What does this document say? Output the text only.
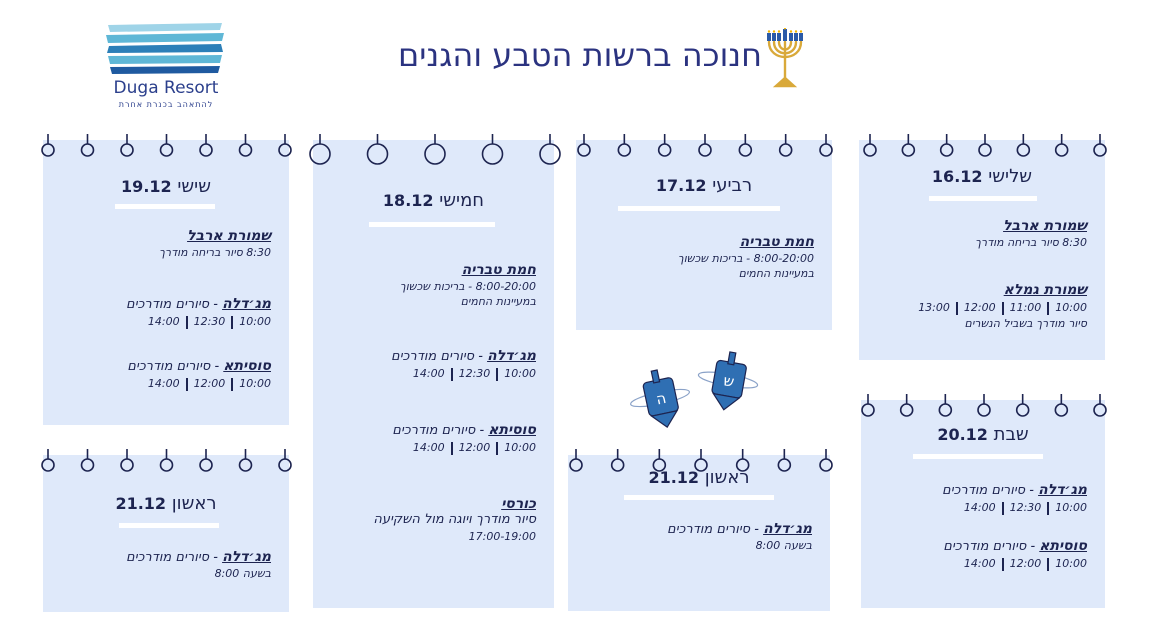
חנוכה ברשות הטבע והגנים
Duga Resort
להתאהב בכנרת אחרת
שלישי 16.12
שמורת ארבל
8:30 סיור בריחה מודרך
שמורת גמלא
13:00 12:00 11:00 10:00
סיור מודרך בשביל הנשרים
רביעי 17.12
חמת טבריה
8:00-20:00 - בריכות שכשוך
במעיינות החמים
חמישי 18.12
חמת טבריה
8:00-20:00 - בריכות שכשוך
במעיינות החמים
מג׳דלה - סיורים מודרכים
14:00 12:30 10:00
סוסיתא - סיורים מודרכים
14:00 12:00 10:00
כורסי
סיור מודרך ויוגה מול השקיעה
17:00-19:00
שישי 19.12
שמורת ארבל
8:30 סיור בריחה מודרך
מג׳דלה - סיורים מודרכים
14:00 12:30 10:00
סוסיתא - סיורים מודרכים
14:00 12:00 10:00
שבת 20.12
מג׳דלה - סיורים מודרכים
14:00 12:30 10:00
סוסיתא - סיורים מודרכים
14:00 12:00 10:00
ראשון 21.12
מג׳דלה - סיורים מודרכים
בשעה 8:00
ראשון 21.12
מג׳דלה - סיורים מודרכים
בשעה 8:00
ה
ש
